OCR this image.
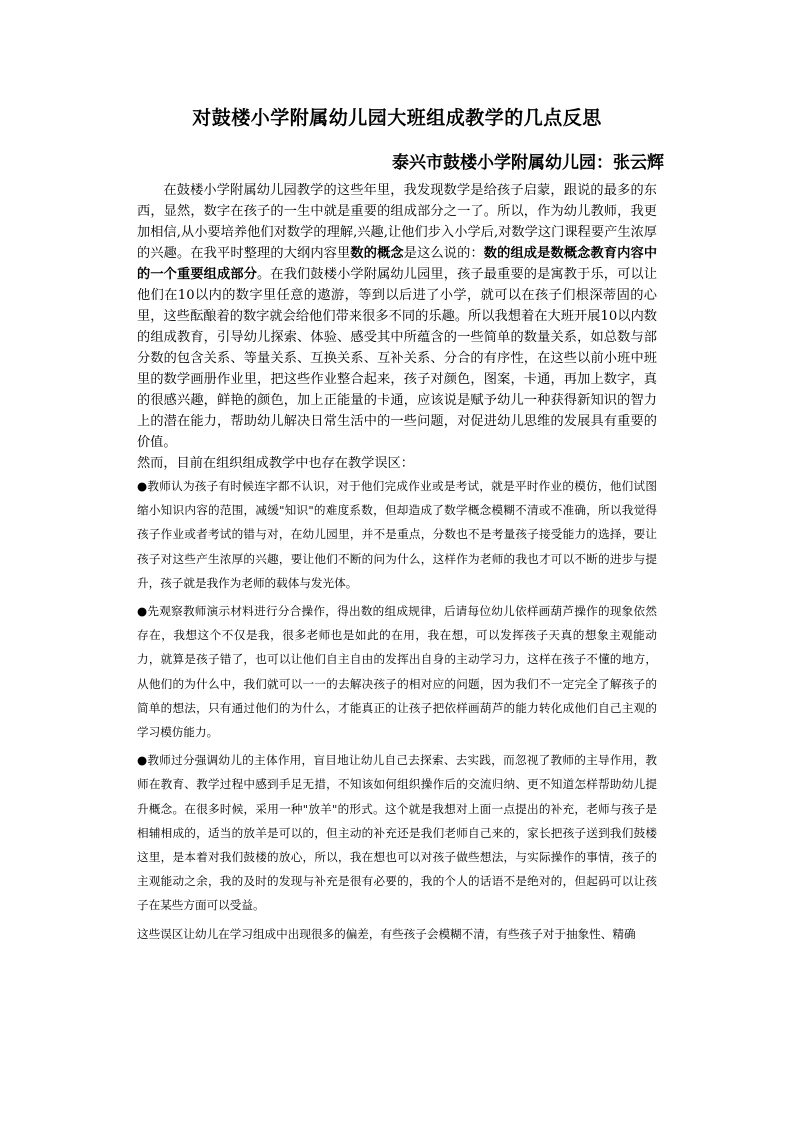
对鼓楼小学附属幼儿园大班组成教学的几点反思

泰兴市鼓楼小学附属幼儿园：张云辉

在鼓楼小学附属幼儿园教学的这些年里，我发现数学是给孩子启蒙，跟说的最多的东西，显然，数字在孩子的一生中就是重要的组成部分之一了。所以，作为幼儿教师，我更加相信,从小要培养他们对数学的理解,兴趣,让他们步入小学后,对数学这门课程要产生浓厚的兴趣。在我平时整理的大纲内容里数的概念是这么说的：数的组成是数概念教育内容中的一个重要组成部分。在我们鼓楼小学附属幼儿园里，孩子最重要的是寓教于乐，可以让他们在10以内的数字里任意的遨游，等到以后进了小学，就可以在孩子们根深蒂固的心里，这些酝酿着的数字就会给他们带来很多不同的乐趣。所以我想着在大班开展10以内数的组成教育，引导幼儿探索、体验、感受其中所蕴含的一些简单的数量关系，如总数与部分数的包含关系、等量关系、互换关系、互补关系、分合的有序性，在这些以前小班中班里的数学画册作业里，把这些作业整合起来，孩子对颜色，图案，卡通，再加上数字，真的很感兴趣，鲜艳的颜色，加上正能量的卡通，应该说是赋予幼儿一种获得新知识的智力上的潜在能力，帮助幼儿解决日常生活中的一些问题，对促进幼儿思维的发展具有重要的价值。

然而，目前在组织组成教学中也存在教学误区：

●教师认为孩子有时候连字都不认识，对于他们完成作业或是考试，就是平时作业的模仿，他们试图缩小知识内容的范围，减缓"知识"的难度系数，但却造成了数学概念模糊不清或不准确，所以我觉得孩子作业或者考试的错与对，在幼儿园里，并不是重点，分数也不是考量孩子接受能力的选择，要让孩子对这些产生浓厚的兴趣，要让他们不断的问为什么，这样作为老师的我也才可以不断的进步与提升，孩子就是我作为老师的载体与发光体。

●先观察教师演示材料进行分合操作，得出数的组成规律，后请每位幼儿依样画葫芦操作的现象依然存在，我想这个不仅是我，很多老师也是如此的在用，我在想，可以发挥孩子天真的想象主观能动力，就算是孩子错了，也可以让他们自主自由的发挥出自身的主动学习力，这样在孩子不懂的地方，从他们的为什么中，我们就可以一一的去解决孩子的相对应的问题，因为我们不一定完全了解孩子的简单的想法，只有通过他们的为什么，才能真正的让孩子把依样画葫芦的能力转化成他们自己主观的学习模仿能力。

●教师过分强调幼儿的主体作用，盲目地让幼儿自己去探索、去实践，而忽视了教师的主导作用，教师在教育、教学过程中感到手足无措，不知该如何组织操作后的交流归纳、更不知道怎样帮助幼儿提升概念。在很多时候，采用一种"放羊"的形式。这个就是我想对上面一点提出的补充，老师与孩子是相辅相成的，适当的放羊是可以的，但主动的补充还是我们老师自己来的，家长把孩子送到我们鼓楼这里，是本着对我们鼓楼的放心，所以，我在想也可以对孩子做些想法，与实际操作的事情，孩子的主观能动之余，我的及时的发现与补充是很有必要的，我的个人的话语不是绝对的，但起码可以让孩子在某些方面可以受益。

这些误区让幼儿在学习组成中出现很多的偏差，有些孩子会模糊不清，有些孩子对于抽象性、精确
